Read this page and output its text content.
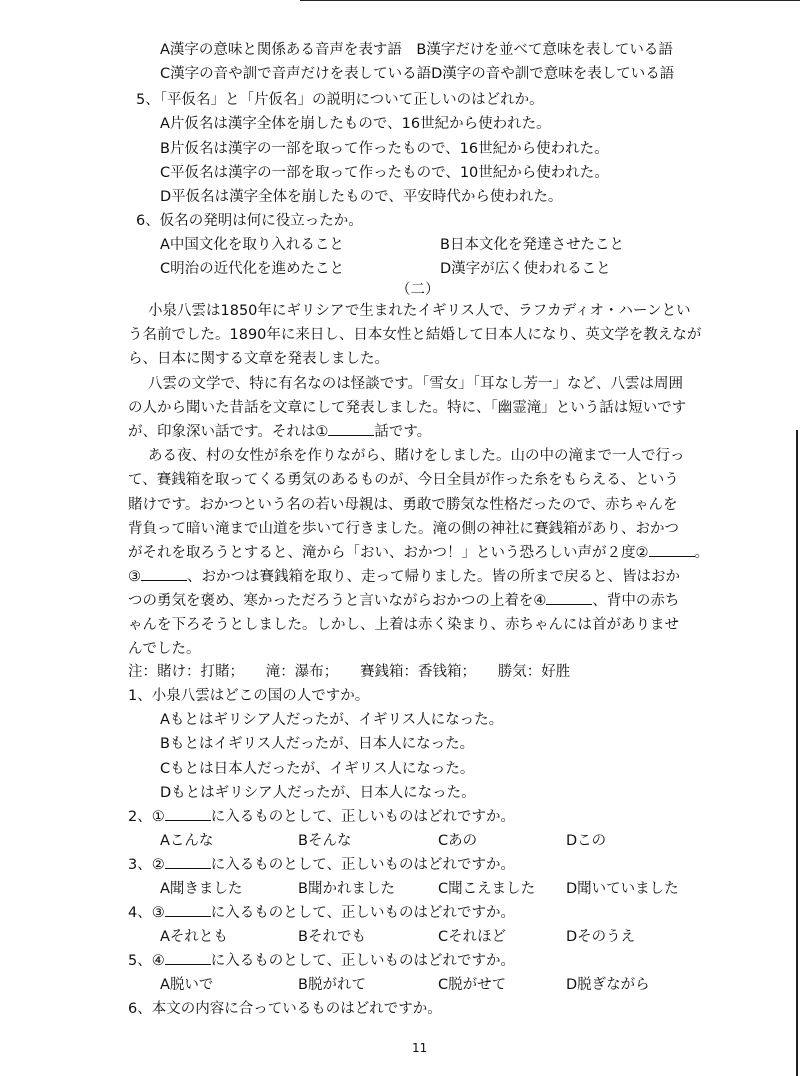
A漢字の意味と関係ある音声を表す語　B漢字だけを並べて意味を表している語
C漢字の音や訓で音声だけを表している語D漢字の音や訓で意味を表している語
5、「平仮名」と「片仮名」の説明について正しいのはどれか。
A片仮名は漢字全体を崩したもので、16世紀から使われた。
B片仮名は漢字の一部を取って作ったもので、16世紀から使われた。
C平仮名は漢字の一部を取って作ったもので、10世紀から使われた。
D平仮名は漢字全体を崩したもので、平安時代から使われた。
6、仮名の発明は何に役立ったか。
A中国文化を取り入れること	B日本文化を発達させたこと
C明治の近代化を進めたこと	D漢字が広く使われること
（二）
小泉八雲は1850年にギリシアで生まれたイギリス人で、ラフカディオ・ハーンとい
う名前でした。1890年に来日し、日本女性と結婚して日本人になり、英文学を教えなが
ら、日本に関する文章を発表しました。
八雲の文学で、特に有名なのは怪談です。「雪女」「耳なし芳一」など、八雲は周囲
の人から聞いた昔話を文章にして発表しました。特に、「幽霊滝」という話は短いです
が、印象深い話です。それは①	話です。
ある夜、村の女性が糸を作りながら、賭けをしました。山の中の滝まで一人で行っ
て、賽銭箱を取ってくる勇気のあるものが、今日全員が作った糸をもらえる、という
賭けです。おかつという名の若い母親は、勇敢で勝気な性格だったので、赤ちゃんを
背負って暗い滝まで山道を歩いて行きました。滝の側の神社に賽銭箱があり、おかつ
がそれを取ろうとすると、滝から「おい、おかつ！」という恐ろしい声が２度②	。
③	、おかつは賽銭箱を取り、走って帰りました。皆の所まで戻ると、皆はおか
つの勇気を褒め、寒かっただろうと言いながらおかつの上着を④	、背中の赤ち
ゃんを下ろそうとしました。しかし、上着は赤く染まり、赤ちゃんには首がありませ
んでした。
注：賭け：打賭；　　滝：瀑布；　　賽銭箱：香钱箱；　　勝気：好胜
1、小泉八雲はどこの国の人ですか。
Aもとはギリシア人だったが、イギリス人になった。
Bもとはイギリス人だったが、日本人になった。
Cもとは日本人だったが、イギリス人になった。
Dもとはギリシア人だったが、日本人になった。
2、①	に入るものとして、正しいものはどれですか。
Aこんな	Bそんな	Cあの	Dこの
3、②	に入るものとして、正しいものはどれですか。
A聞きました	B聞かれました	C聞こえました D聞いていました
4、③	に入るものとして、正しいものはどれですか。
Aそれとも	Bそれでも	Cそれほど	Dそのうえ
5、④	に入るものとして、正しいものはどれですか。
A脱いで	B脱がれて	C脱がせて	D脱ぎながら
6、本文の内容に合っているものはどれですか。
11
